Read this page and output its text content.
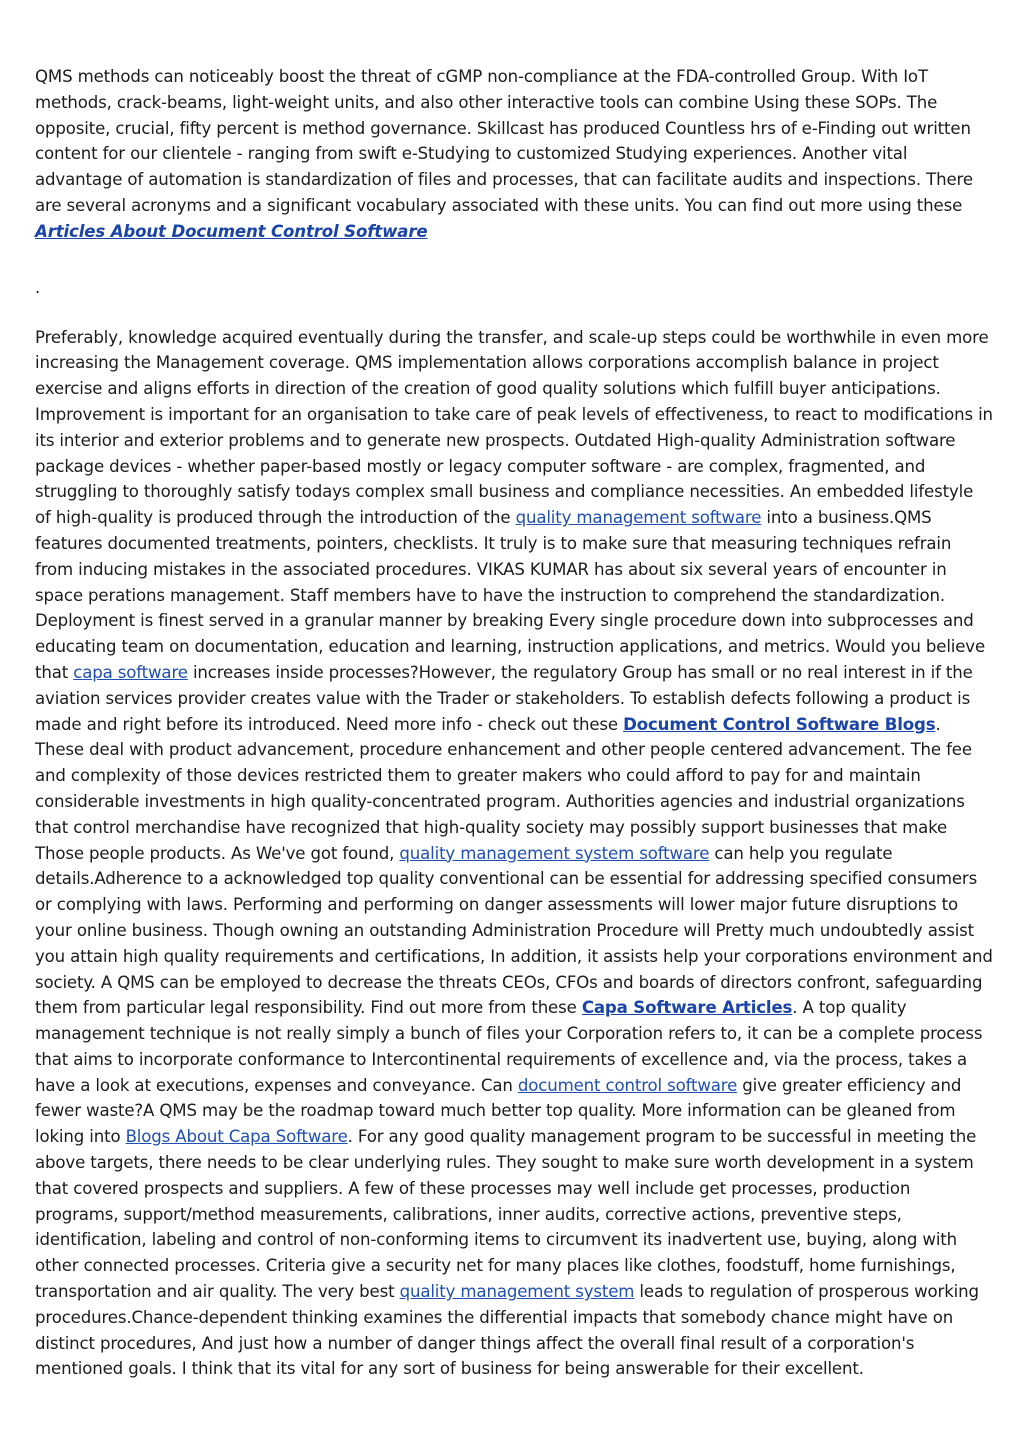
QMS methods can noticeably boost the threat of cGMP non-compliance at the FDA-controlled Group. With IoT methods, crack-beams, light-weight units, and also other interactive tools can combine Using these SOPs. The opposite, crucial, fifty percent is method governance. Skillcast has produced Countless hrs of e-Finding out written content for our clientele - ranging from swift e-Studying to customized Studying experiences. Another vital advantage of automation is standardization of files and processes, that can facilitate audits and inspections. There are several acronyms and a significant vocabulary associated with these units. You can find out more using these Articles About Document Control Software

.

Preferably, knowledge acquired eventually during the transfer, and scale-up steps could be worthwhile in even more increasing the Management coverage. QMS implementation allows corporations accomplish balance in project exercise and aligns efforts in direction of the creation of good quality solutions which fulfill buyer anticipations. Improvement is important for an organisation to take care of peak levels of effectiveness, to react to modifications in its interior and exterior problems and to generate new prospects. Outdated High-quality Administration software package devices - whether paper-based mostly or legacy computer software - are complex, fragmented, and struggling to thoroughly satisfy todays complex small business and compliance necessities. An embedded lifestyle of high-quality is produced through the introduction of the quality management software into a business.QMS features documented treatments, pointers, checklists. It truly is to make sure that measuring techniques refrain from inducing mistakes in the associated procedures. VIKAS KUMAR has about six several years of encounter in space perations management. Staff members have to have the instruction to comprehend the standardization. Deployment is finest served in a granular manner by breaking Every single procedure down into subprocesses and educating team on documentation, education and learning, instruction applications, and metrics. Would you believe that capa software increases inside processes?However, the regulatory Group has small or no real interest in if the aviation services provider creates value with the Trader or stakeholders. To establish defects following a product is made and right before its introduced. Need more info - check out these Document Control Software Blogs. These deal with product advancement, procedure enhancement and other people centered advancement. The fee and complexity of those devices restricted them to greater makers who could afford to pay for and maintain considerable investments in high quality-concentrated program. Authorities agencies and industrial organizations that control merchandise have recognized that high-quality society may possibly support businesses that make Those people products. As We've got found, quality management system software can help you regulate details.Adherence to a acknowledged top quality conventional can be essential for addressing specified consumers or complying with laws. Performing and performing on danger assessments will lower major future disruptions to your online business. Though owning an outstanding Administration Procedure will Pretty much undoubtedly assist you attain high quality requirements and certifications, In addition, it assists help your corporations environment and society. A QMS can be employed to decrease the threats CEOs, CFOs and boards of directors confront, safeguarding them from particular legal responsibility. Find out more from these Capa Software Articles. A top quality management technique is not really simply a bunch of files your Corporation refers to, it can be a complete process that aims to incorporate conformance to Intercontinental requirements of excellence and, via the process, takes a have a look at executions, expenses and conveyance. Can document control software give greater efficiency and fewer waste?A QMS may be the roadmap toward much better top quality. More information can be gleaned from loking into Blogs About Capa Software. For any good quality management program to be successful in meeting the above targets, there needs to be clear underlying rules. They sought to make sure worth development in a system that covered prospects and suppliers. A few of these processes may well include get processes, production programs, support/method measurements, calibrations, inner audits, corrective actions, preventive steps, identification, labeling and control of non-conforming items to circumvent its inadvertent use, buying, along with other connected processes. Criteria give a security net for many places like clothes, foodstuff, home furnishings, transportation and air quality. The very best quality management system leads to regulation of prosperous working procedures.Chance-dependent thinking examines the differential impacts that somebody chance might have on distinct procedures, And just how a number of danger things affect the overall final result of a corporation's mentioned goals. I think that its vital for any sort of business for being answerable for their excellent.
